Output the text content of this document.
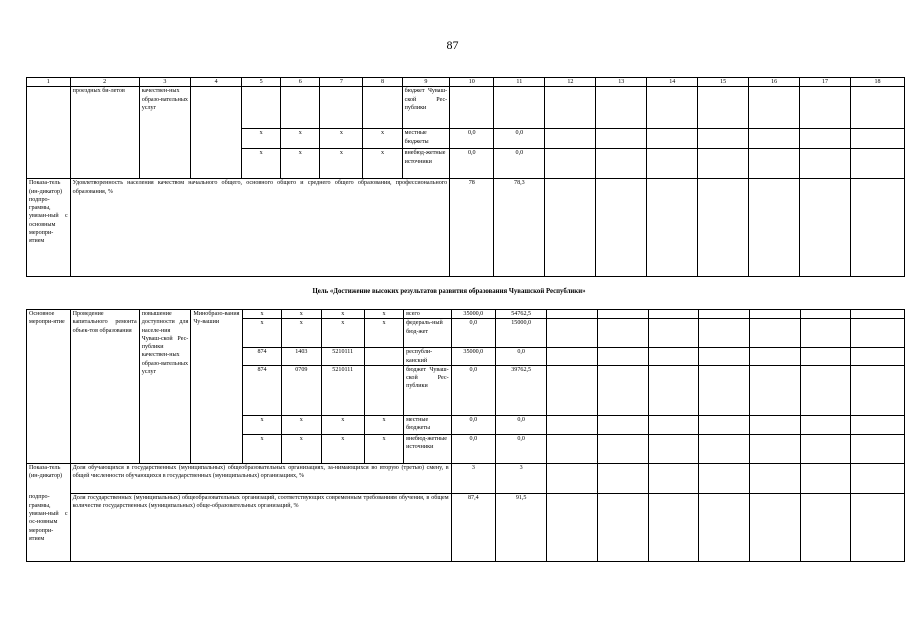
87
1	2	3	4	5	6	7	8	9	10	11	12	13	14	15	16	17	18
	проездных би-летов	качествен-ных образо-вательных услуг						бюджет Чуваш-ской Рес-публики									
				x	x	x	x	местные бюджеты	0,0	0,0							
				x	x	x	x	внебюд-жетные источники	0,0	0,0							
Показа-тель (ин-дикатор) подпро-граммы, увязан-ный с основным меропри-ятием	Удовлетворенность населения качеством начального общего, основного общего и среднего общего образования, профессионального образования, %								78	78,3							
Цель «Достижение высоких результатов развития образования Чувашской Республики»
Основное меропри-ятие	Проведение капитального ремонта объек-тов образования	повышение доступности для населе-ния Чуваш-ской Рес-публики качествен-ных образо-вательных услуг	Минобразо-вания Чу-вашии	x	x	x	x	всего	35000,0	54762,5							
				x	x	x	x	федераль-ный бюд-жет	0,0	15000,0							
				874	1403	5210111		республи-канский	35000,0	0,0							
				874	0709	5210111		бюджет Чуваш-ской Рес-публики	0,0	39762,5							
				x	x	x	x	местные бюджеты	0,0	0,0							
				x	x	x	x	внебюд-жетные источники	0,0	0,0							
Показа-тель (ин-дикатор)	Доля обучающихся в государственных (муниципальных) общеобразовательных организациях, за-нимающихся во вторую (третью) смену, в общей численности обучающихся в государственных (муниципальных) организациях, %								3	3							
подпро-граммы, увязан-ный с ос-новным меропри-ятием	Доля государственных (муниципальных) общеобразовательных организаций, соответствующих современным требованиям обучения, в общем количестве государственных (муниципальных) обще-образовательных организаций, %								87,4	91,5							
